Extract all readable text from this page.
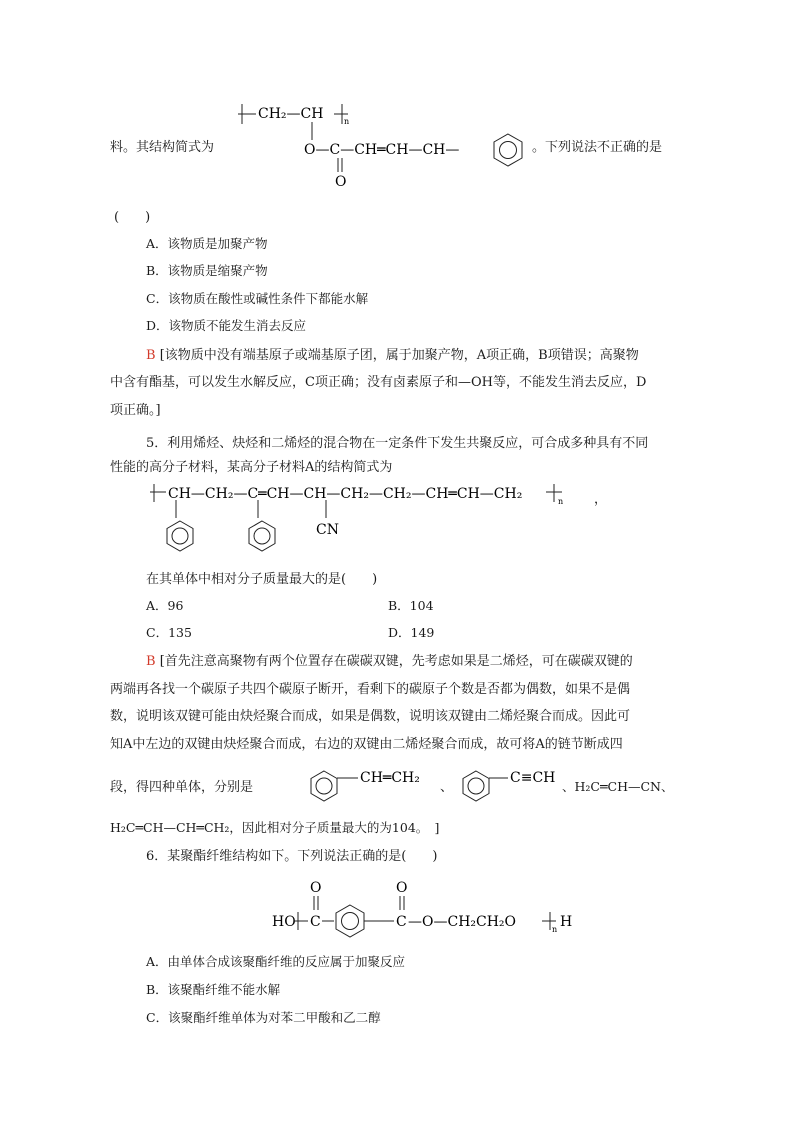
料。其结构简式为
CH₂—CH	n
O—C—CH═CH—CH—
O
。下列说法不正确的是
(　　)
A．该物质是加聚产物
B．该物质是缩聚产物
C．该物质在酸性或碱性条件下都能水解
D．该物质不能发生消去反应
B [该物质中没有端基原子或端基原子团，属于加聚产物，A项正确，B项错误；高聚物
中含有酯基，可以发生水解反应，C项正确；没有卤素原子和—OH等，不能发生消去反应，D
项正确。]
5．利用烯烃、炔烃和二烯烃的混合物在一定条件下发生共聚反应，可合成多种具有不同
性能的高分子材料，某高分子材料A的结构简式为
CH—CH₂—C═CH—CH—CH₂—CH₂—CH═CH—CH₂	n
CN
，
在其单体中相对分子质量最大的是(　　)
A．96	B．104
C．135	D．149
B [首先注意高聚物有两个位置存在碳碳双键，先考虑如果是二烯烃，可在碳碳双键的
两端再各找一个碳原子共四个碳原子断开，看剩下的碳原子个数是否都为偶数，如果不是偶
数，说明该双键可能由炔烃聚合而成，如果是偶数，说明该双键由二烯烃聚合而成。因此可
知A中左边的双键由炔烃聚合而成，右边的双键由二烯烃聚合而成，故可将A的链节断成四
段，得四种单体，分别是
CH═CH₂
、
C≡CH
、H₂C═CH—CN、
H₂C═CH—CH═CH₂，因此相对分子质量最大的为104。　]
6．某聚酯纤维结构如下。下列说法正确的是(　　)
HO C
O
C
O
—O—CH₂CH₂O	n H
A．由单体合成该聚酯纤维的反应属于加聚反应
B．该聚酯纤维不能水解
C．该聚酯纤维单体为对苯二甲酸和乙二醇
